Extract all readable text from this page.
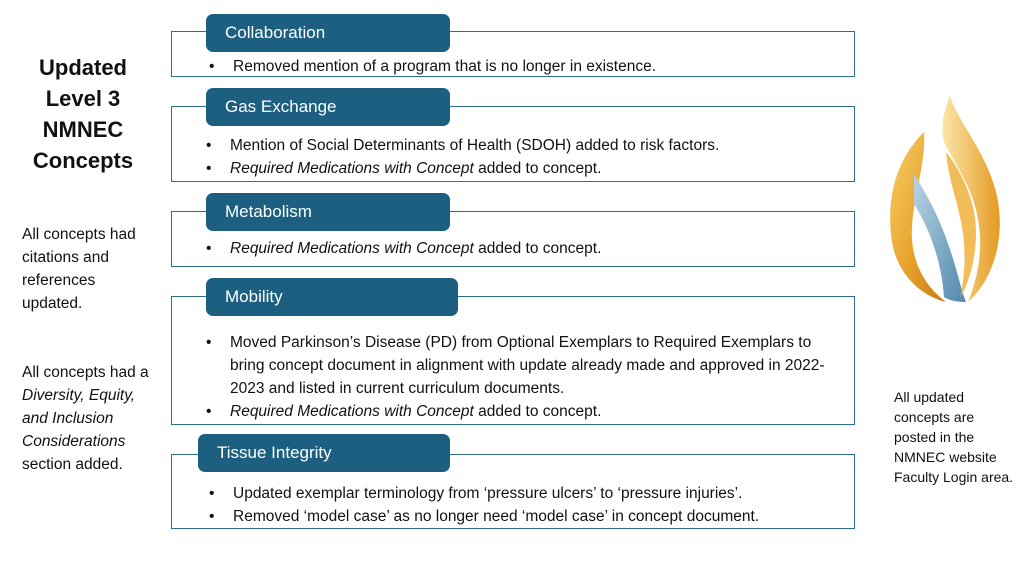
Updated
Level 3
NMNEC
Concepts
All concepts had citations and references updated.
All concepts had a Diversity, Equity, and Inclusion Considerations section added.
All updated concepts are posted in the NMNEC website Faculty Login area.
Collaboration
• Removed mention of a program that is no longer in existence.
Gas Exchange
• Mention of Social Determinants of Health (SDOH) added to risk factors.
• Required Medications with Concept added to concept.
Metabolism
• Required Medications with Concept added to concept.
Mobility
• Moved Parkinson’s Disease (PD) from Optional Exemplars to Required Exemplars to bring concept document in alignment with update already made and approved in 2022-2023 and listed in current curriculum documents.
• Required Medications with Concept added to concept.
Tissue Integrity
• Updated exemplar terminology from ‘pressure ulcers’ to ‘pressure injuries’.
• Removed ‘model case’ as no longer need ‘model case’ in concept document.
